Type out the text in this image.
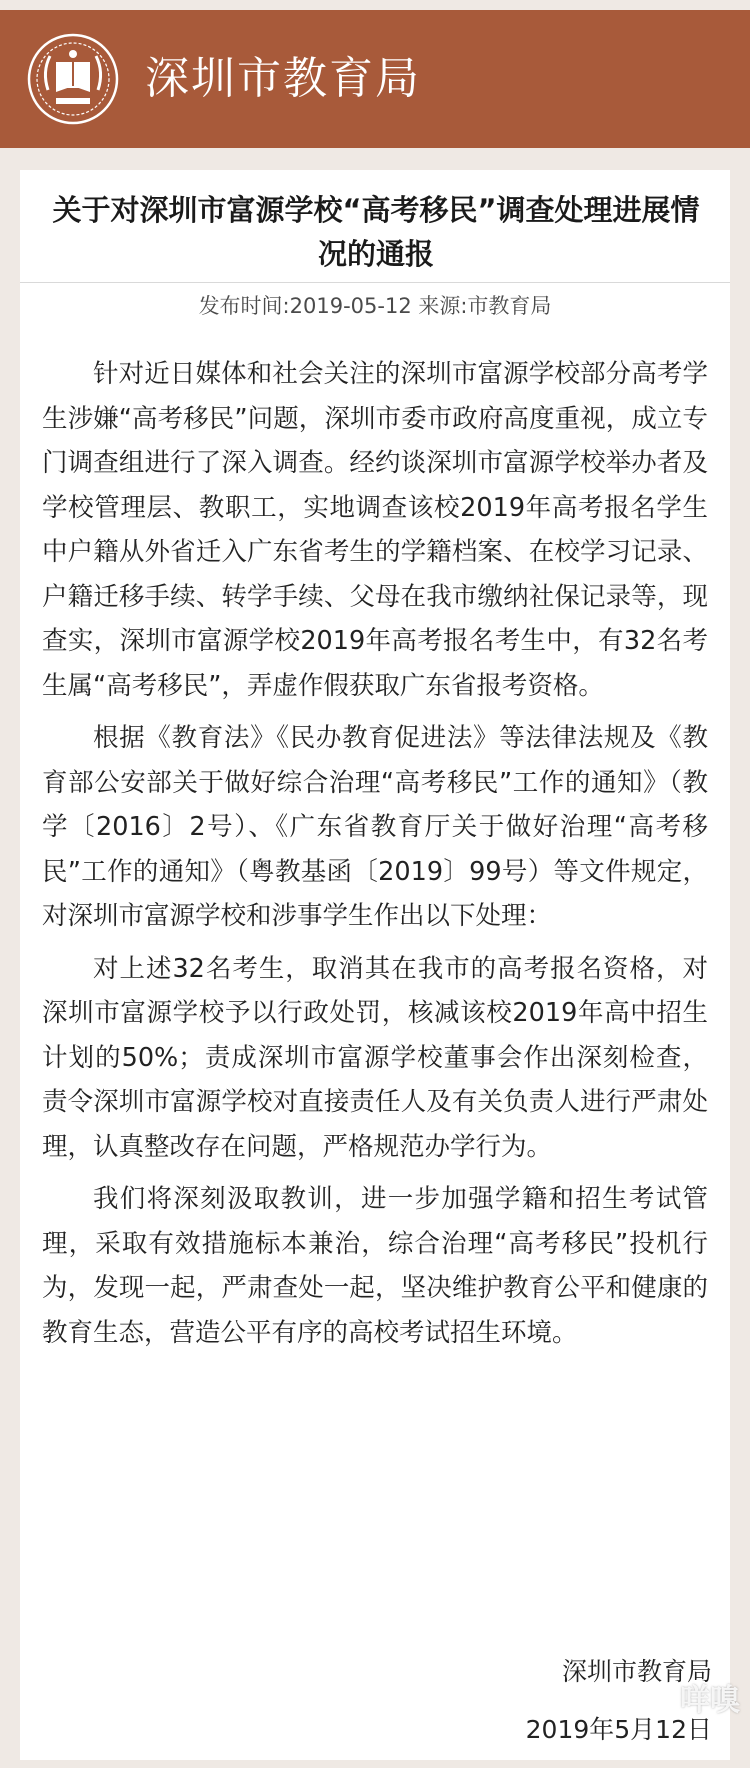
深圳市教育局
关于对深圳市富源学校“高考移民”调查处理进展情况的通报
发布时间:2019-05-12 来源:市教育局

针对近日媒体和社会关注的深圳市富源学校部分高考学生涉嫌“高考移民”问题，深圳市委市政府高度重视，成立专门调查组进行了深入调查。经约谈深圳市富源学校举办者及学校管理层、教职工，实地调查该校2019年高考报名学生中户籍从外省迁入广东省考生的学籍档案、在校学习记录、户籍迁移手续、转学手续、父母在我市缴纳社保记录等，现查实，深圳市富源学校2019年高考报名考生中，有32名考生属“高考移民”，弄虚作假获取广东省报考资格。

根据《教育法》《民办教育促进法》等法律法规及《教育部公安部关于做好综合治理“高考移民”工作的通知》（教学〔2016〕2号）、《广东省教育厅关于做好治理“高考移民”工作的通知》（粤教基函〔2019〕99号）等文件规定，对深圳市富源学校和涉事学生作出以下处理：

对上述32名考生，取消其在我市的高考报名资格，对深圳市富源学校予以行政处罚，核减该校2019年高中招生计划的50%；责成深圳市富源学校董事会作出深刻检查，责令深圳市富源学校对直接责任人及有关负责人进行严肃处理，认真整改存在问题，严格规范办学行为。

我们将深刻汲取教训，进一步加强学籍和招生考试管理，采取有效措施标本兼治，综合治理“高考移民”投机行为，发现一起，严肃查处一起，坚决维护教育公平和健康的教育生态，营造公平有序的高校考试招生环境。

深圳市教育局
2019年5月12日
咩嗅
